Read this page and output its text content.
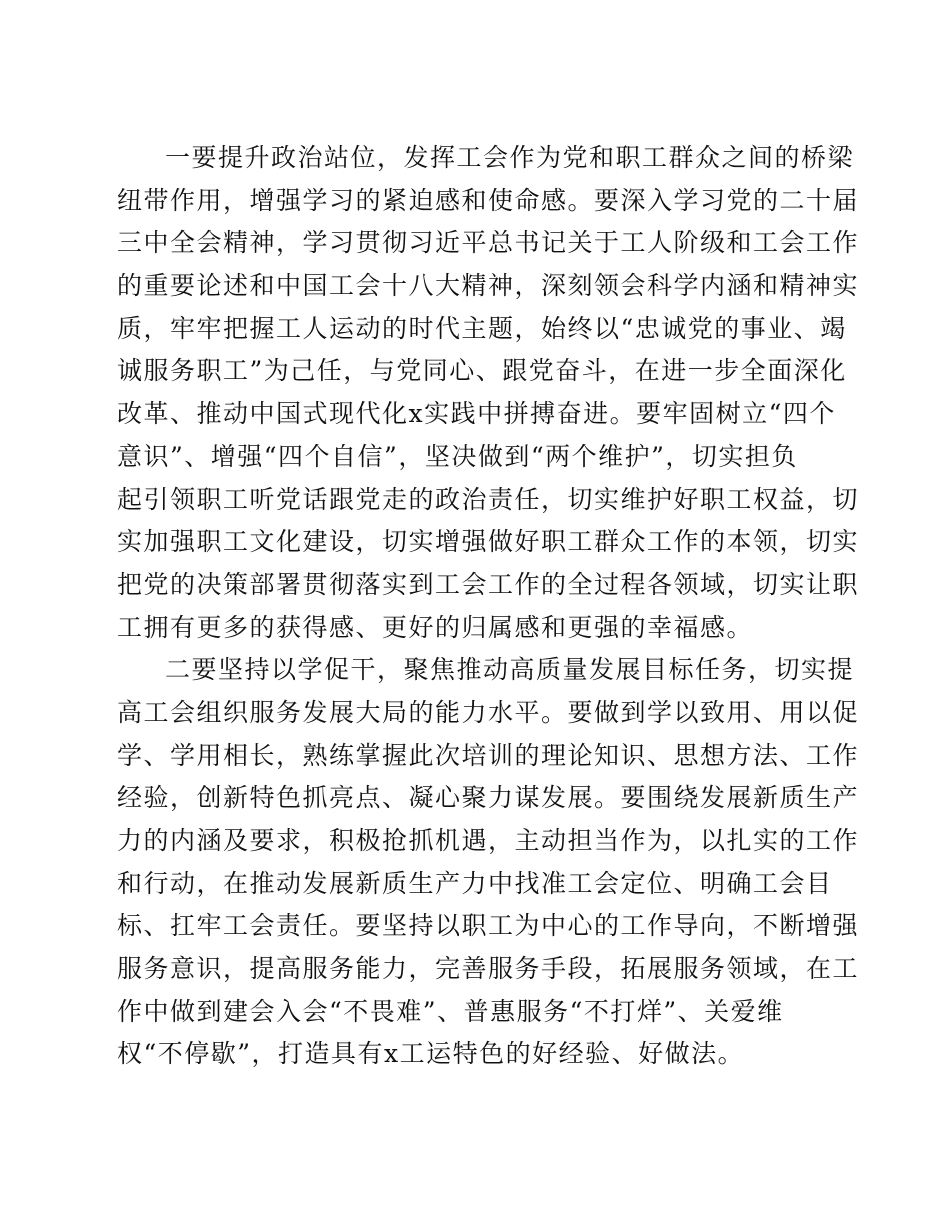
一要提升政治站位，发挥工会作为党和职工群众之间的桥梁
纽带作用，增强学习的紧迫感和使命感。要深入学习党的二十届
三中全会精神，学习贯彻习近平总书记关于工人阶级和工会工作
的重要论述和中国工会十八大精神，深刻领会科学内涵和精神实
质，牢牢把握工人运动的时代主题，始终以“忠诚党的事业、竭
诚服务职工”为己任，与党同心、跟党奋斗，在进一步全面深化
改革、推动中国式现代化x实践中拼搏奋进。要牢固树立“四个
意识”、增强“四个自信”，坚决做到“两个维护”，切实担负
起引领职工听党话跟党走的政治责任，切实维护好职工权益，切
实加强职工文化建设，切实增强做好职工群众工作的本领，切实
把党的决策部署贯彻落实到工会工作的全过程各领域，切实让职
工拥有更多的获得感、更好的归属感和更强的幸福感。
二要坚持以学促干，聚焦推动高质量发展目标任务，切实提
高工会组织服务发展大局的能力水平。要做到学以致用、用以促
学、学用相长，熟练掌握此次培训的理论知识、思想方法、工作
经验，创新特色抓亮点、凝心聚力谋发展。要围绕发展新质生产
力的内涵及要求，积极抢抓机遇，主动担当作为，以扎实的工作
和行动，在推动发展新质生产力中找准工会定位、明确工会目
标、扛牢工会责任。要坚持以职工为中心的工作导向，不断增强
服务意识，提高服务能力，完善服务手段，拓展服务领域，在工
作中做到建会入会“不畏难”、普惠服务“不打烊”、关爱维
权“不停歇”，打造具有x工运特色的好经验、好做法。
